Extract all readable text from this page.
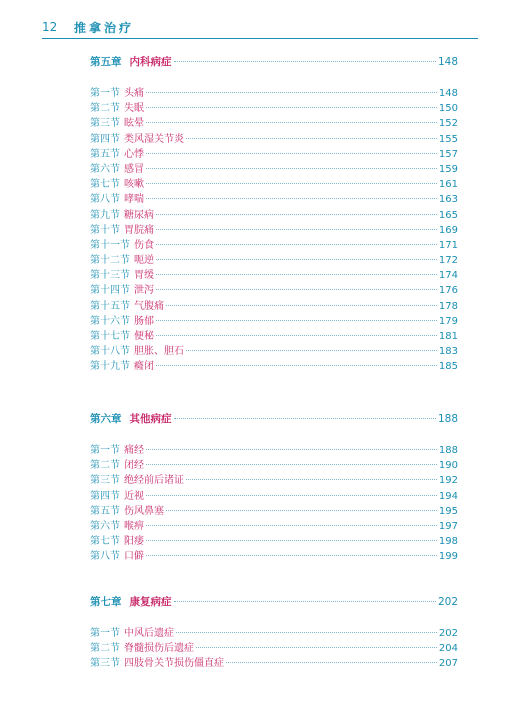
12 推拿治疗
第五章 内科病症	148
第一节 头痛	148
第二节 失眠	150
第三节 眩晕	152
第四节 类风湿关节炎	155
第五节 心悸	157
第六节 感冒	159
第七节 咳嗽	161
第八节 哮喘	163
第九节 糖尿病	165
第十节 胃脘痛	169
第十一节 伤食	171
第十二节 呃逆	172
第十三节 胃缓	174
第十四节 泄泻	176
第十五节 气腹痛	178
第十六节 肠郁	179
第十七节 便秘	181
第十八节 胆胀、胆石	183
第十九节 癃闭	185
第六章 其他病症	188
第一节 痛经	188
第二节 闭经	190
第三节 绝经前后诸证	192
第四节 近视	194
第五节 伤风鼻塞	195
第六节 喉痹	197
第七节 阳痿	198
第八节 口僻	199
第七章 康复病症	202
第一节 中风后遗症	202
第二节 脊髓损伤后遗症	204
第三节 四肢骨关节损伤僵直症	207
